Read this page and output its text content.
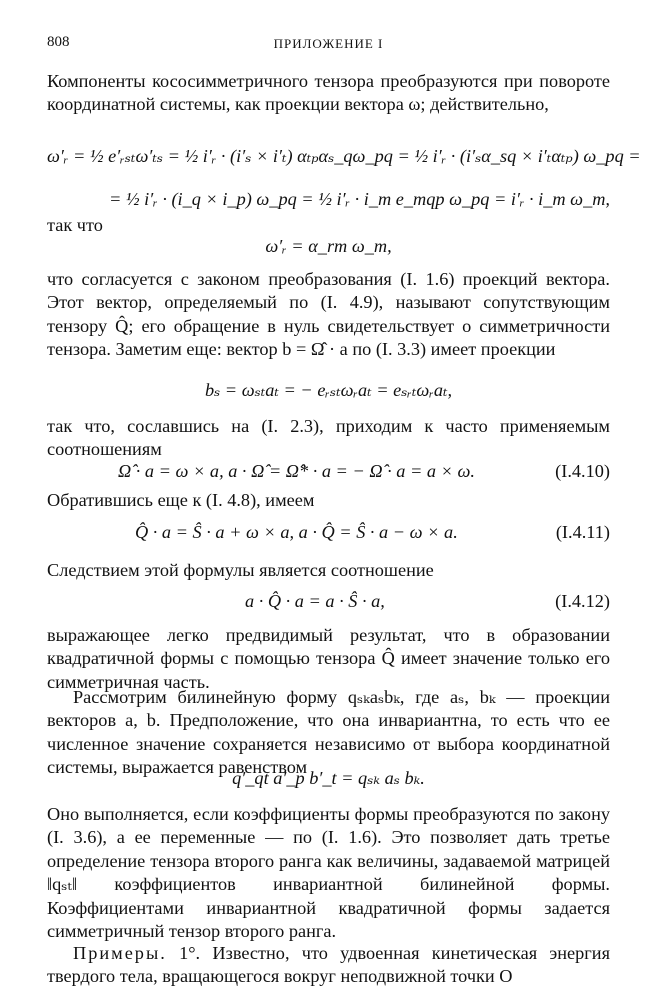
808	ПРИЛОЖЕНИЕ I

Компоненты кососимметричного тензора преобразуются при повороте координатной системы, как проекции вектора ω; действительно,

ω′ᵣ = ½ e′ᵣₛₜω′ₜₛ = ½ i′ᵣ · (i′ₛ × i′ₜ) αₜₚαₛ_qω_pq = ½ i′ᵣ · (i′ₛα_sq × i′ₜαₜₚ) ω_pq =
= ½ i′ᵣ · (i_q × i_p) ω_pq = ½ i′ᵣ · i_m e_mqp ω_pq = i′ᵣ · i_m ω_m,
так что
ω′ᵣ = α_rm ω_m,

что согласуется с законом преобразования (I. 1.6) проекций вектора. Этот вектор, определяемый по (I. 4.9), называют сопутствующим тензору Q̂; его обращение в нуль свидетельствует о симметричности тензора. Заметим еще: вектор b = Ω̂ · a по (I. 3.3) имеет проекции

bₛ = ωₛₜaₜ = − eᵣₛₜωᵣaₜ = eₛᵣₜωᵣaₜ,

так что, сославшись на (I. 2.3), приходим к часто применяемым соотношениям

Ω̂ · a = ω × a, a · Ω̂ = Ω̂* · a = − Ω̂ · a = a × ω.	(I.4.10)
Обратившись еще к (I. 4.8), имеем
Q̂ · a = Ŝ · a + ω × a, a · Q̂ = Ŝ · a − ω × a.	(I.4.11)
Следствием этой формулы является соотношение
a · Q̂ · a = a · Ŝ · a,	(I.4.12)

выражающее легко предвидимый результат, что в образовании квадратичной формы с помощью тензора Q̂ имеет значение только его симметричная часть.

Рассмотрим билинейную форму qₛₖaₛbₖ, где aₛ, bₖ — проекции векторов a, b. Предположение, что она инвариантна, то есть что ее численное значение сохраняется независимо от выбора координатной системы, выражается равенством

q′_qt a′_p b′_t = qₛₖ aₛ bₖ.

Оно выполняется, если коэффициенты формы преобразуются по закону (I. 3.6), а ее переменные — по (I. 1.6). Это позволяет дать третье определение тензора второго ранга как величины, задаваемой матрицей ‖qₛₜ‖ коэффициентов инвариантной билинейной формы. Коэффициентами инвариантной квадратичной формы задается симметричный тензор второго ранга.

Примеры. 1°. Известно, что удвоенная кинетическая энергия твердого тела, вращающегося вокруг неподвижной точки O
